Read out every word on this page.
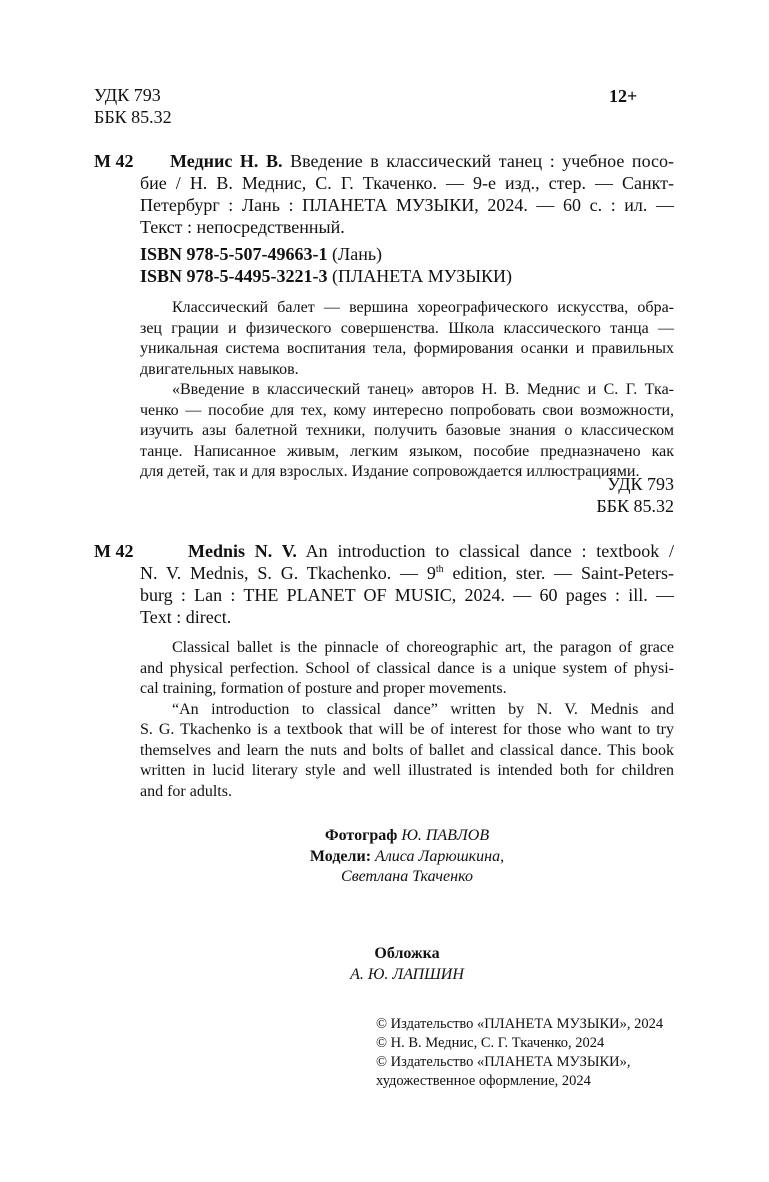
УДК 793
ББК 85.32
12+
М 42 Меднис Н. В. Введение в классический танец : учебное посо-
бие / Н. В. Меднис, С. Г. Ткаченко. — 9-е изд., стер. — Санкт-
Петербург : Лань : ПЛАНЕТА МУЗЫКИ, 2024. — 60 с. : ил. —
Текст : непосредственный.
ISBN 978-5-507-49663-1 (Лань)
ISBN 978-5-4495-3221-3 (ПЛАНЕТА МУЗЫКИ)
Классический балет — вершина хореографического искусства, обра-
зец грации и физического совершенства. Школа классического танца —
уникальная система воспитания тела, формирования осанки и правильных
двигательных навыков.
«Введение в классический танец» авторов Н. В. Меднис и С. Г. Тка-
ченко — пособие для тех, кому интересно попробовать свои возможности,
изучить азы балетной техники, получить базовые знания о классическом
танце. Написанное живым, легким языком, пособие предназначено как
для детей, так и для взрослых. Издание сопровождается иллюстрациями.
УДК 793
ББК 85.32
M 42	Mednis N. V. An introduction to classical dance : textbook /
N. V. Mednis, S. G. Tkachenko. — 9th edition, ster. — Saint-Peters-
burg : Lan : THE PLANET OF MUSIC, 2024. — 60 pages : ill. —
Text : direct.
Classical ballet is the pinnacle of choreographic art, the paragon of grace
and physical perfection. School of classical dance is a unique system of physi-
cal training, formation of posture and proper movements.
“An introduction to classical dance” written by N. V. Mednis and
S. G. Tkachenko is a textbook that will be of interest for those who want to try
themselves and learn the nuts and bolts of ballet and classical dance. This book
written in lucid literary style and well illustrated is intended both for children
and for adults.
Фотограф Ю. ПАВЛОВ
Модели: Алиса Ларюшкина,
Светлана Ткаченко
Обложка
А. Ю. ЛАПШИН
© Издательство «ПЛАНЕТА МУЗЫКИ», 2024
© Н. В. Меднис, С. Г. Ткаченко, 2024
© Издательство «ПЛАНЕТА МУЗЫКИ»,
художественное оформление, 2024
